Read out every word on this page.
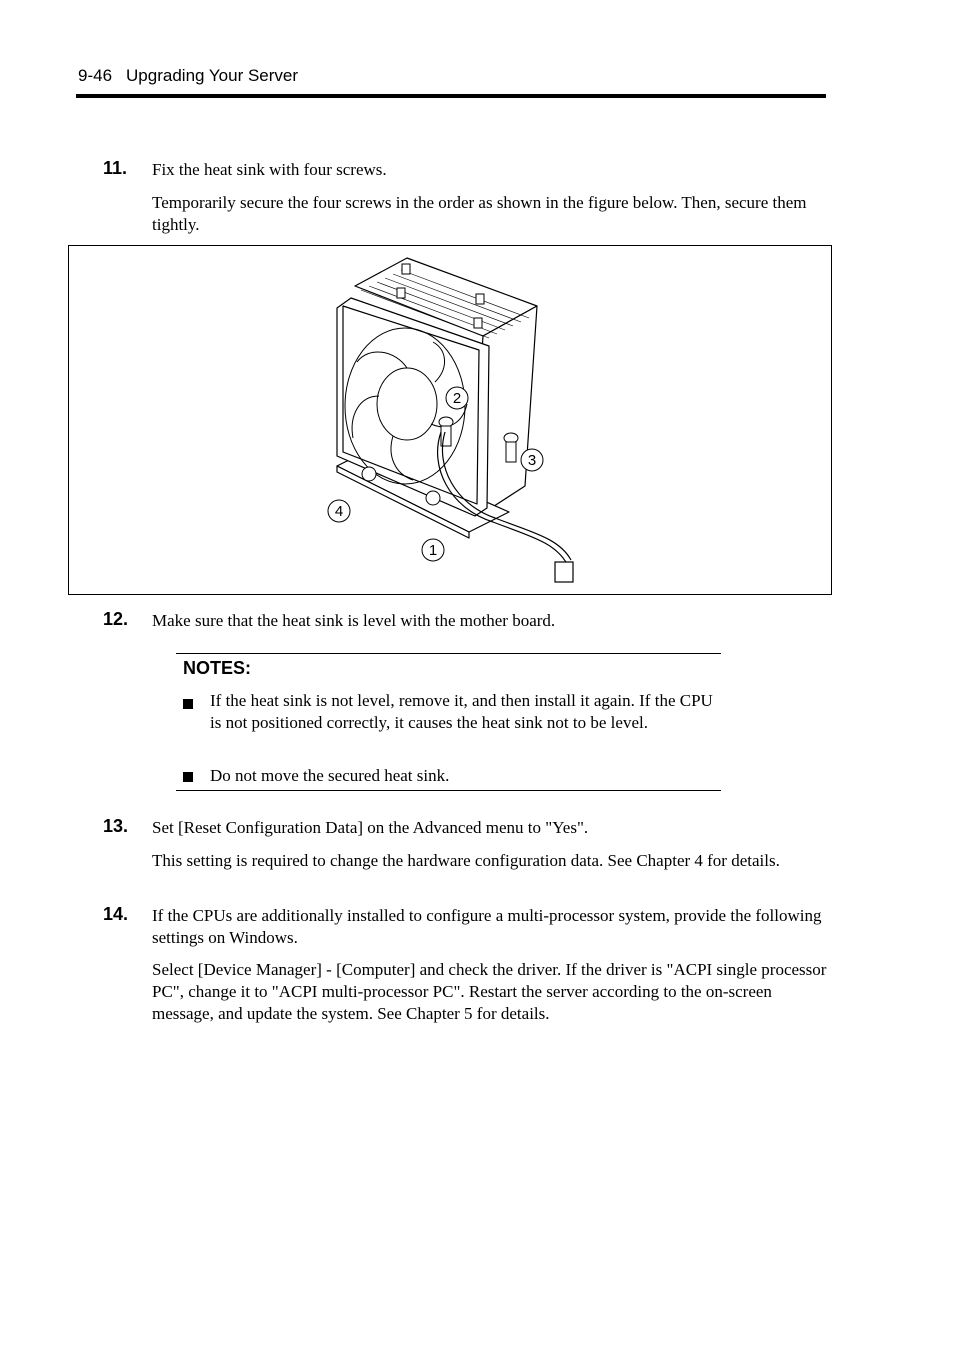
9-46 Upgrading Your Server
11. Fix the heat sink with four screws.
Temporarily secure the four screws in the order as shown in the figure below. Then, secure them tightly.
1
2
3
4
12. Make sure that the heat sink is level with the mother board.
NOTES:
If the heat sink is not level, remove it, and then install it again. If the CPU is not positioned correctly, it causes the heat sink not to be level.
Do not move the secured heat sink.
13. Set [Reset Configuration Data] on the Advanced menu to "Yes".
This setting is required to change the hardware configuration data. See Chapter 4 for details.
14. If the CPUs are additionally installed to configure a multi-processor system, provide the following settings on Windows.
Select [Device Manager] - [Computer] and check the driver. If the driver is "ACPI single processor PC", change it to "ACPI multi-processor PC". Restart the server according to the on-screen message, and update the system. See Chapter 5 for details.
